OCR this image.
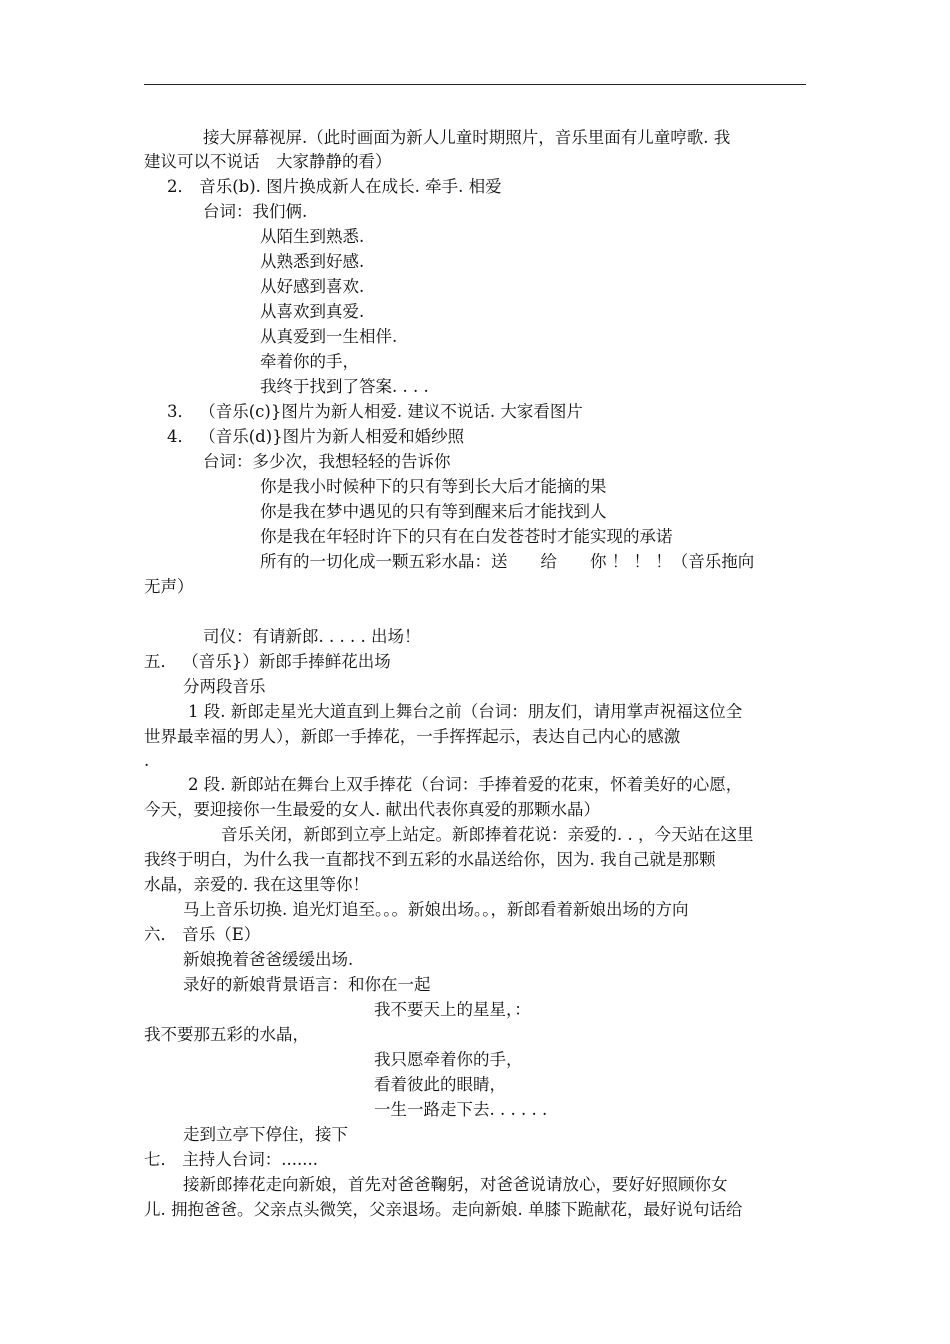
接大屏幕视屏.（此时画面为新人儿童时期照片，音乐里面有儿童哼歌. 我
建议可以不说话　大家静静的看）
2． 音乐(b). 图片换成新人在成长. 牵手. 相爱
台词：我们俩.
从陌生到熟悉.
从熟悉到好感.
从好感到喜欢.
从喜欢到真爱.
从真爱到一生相伴.
牵着你的手，
我终于找到了答案. . . .
3． （音乐(c)}图片为新人相爱. 建议不说话. 大家看图片
4． （音乐(d)}图片为新人相爱和婚纱照
台词：多少次，我想轻轻的告诉你
你是我小时候种下的只有等到长大后才能摘的果
你是我在梦中遇见的只有等到醒来后才能找到人
你是我在年轻时许下的只有在白发苍苍时才能实现的承诺
所有的一切化成一颗五彩水晶：送　　给　　你 ！ ！ ！（音乐拖向
无声）
司仪：有请新郎. . . . . 出场！
五． （音乐}）新郎手捧鲜花出场
分两段音乐
1 段. 新郎走星光大道直到上舞台之前（台词：朋友们，请用掌声祝福这位全
世界最幸福的男人），新郎一手捧花，一手挥挥起示，表达自己内心的感激
.
2 段. 新郎站在舞台上双手捧花（台词：手捧着爱的花束，怀着美好的心愿，
今天，要迎接你一生最爱的女人. 献出代表你真爱的那颗水晶）
音乐关闭，新郎到立亭上站定。新郎捧着花说：亲爱的. . ，今天站在这里
我终于明白，为什么我一直都找不到五彩的水晶送给你，因为. 我自己就是那颗
水晶，亲爱的. 我在这里等你！
马上音乐切换. 追光灯追至。。。新娘出场。。，新郎看着新娘出场的方向
六． 音乐（E）
新娘挽着爸爸缓缓出场.
录好的新娘背景语言：和你在一起
我不要天上的星星，：
我不要那五彩的水晶，
我只愿牵着你的手，
看着彼此的眼睛，
一生一路走下去. . . . . .
走到立亭下停住，接下
七． 主持人台词：.......
接新郎捧花走向新娘，首先对爸爸鞠躬，对爸爸说请放心，要好好照顾你女
儿. 拥抱爸爸。父亲点头微笑，父亲退场。走向新娘. 单膝下跪献花，最好说句话给
